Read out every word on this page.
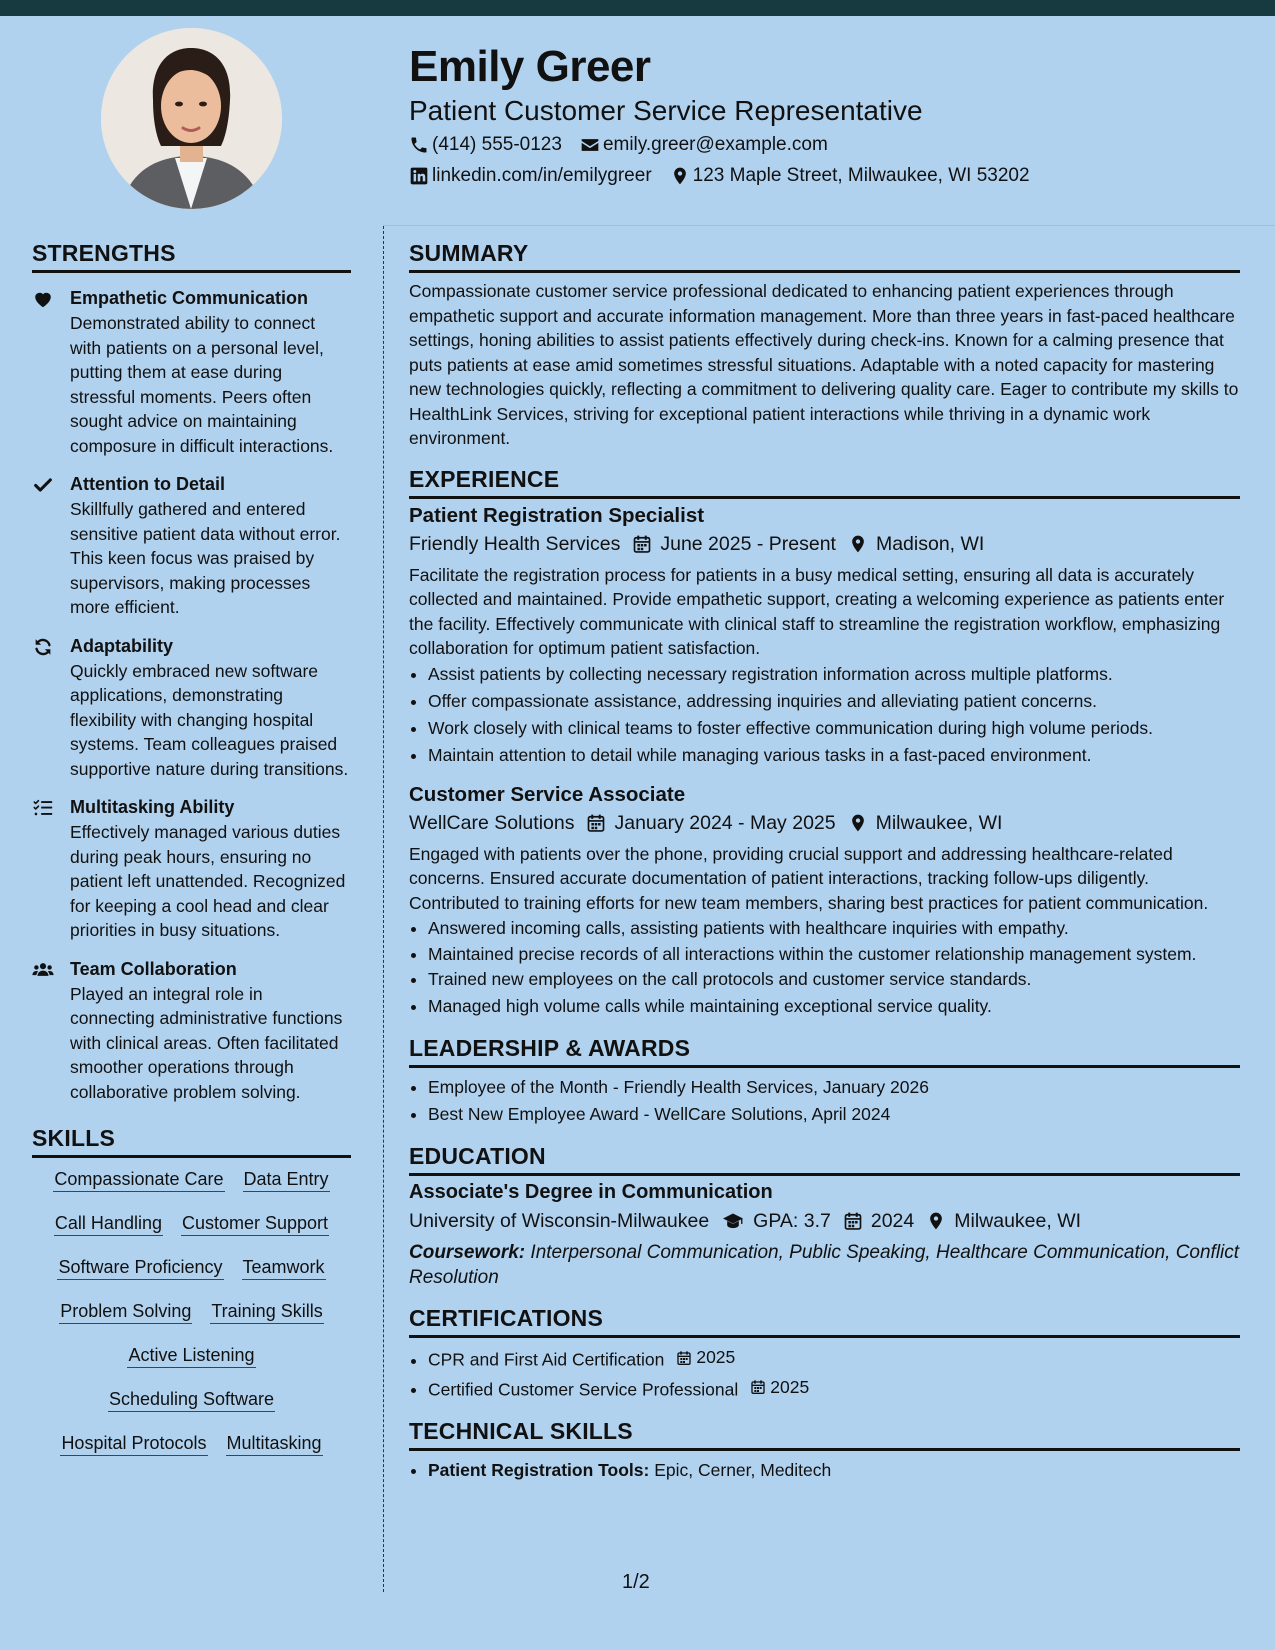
Emily Greer
Patient Customer Service Representative
(414) 555-0123 emily.greer@example.com
linkedin.com/in/emilygreer 123 Maple Street, Milwaukee, WI 53202
STRENGTHS
Empathetic Communication
Demonstrated ability to connect with patients on a personal level, putting them at ease during stressful moments. Peers often sought advice on maintaining composure in difficult interactions.
Attention to Detail
Skillfully gathered and entered sensitive patient data without error. This keen focus was praised by supervisors, making processes more efficient.
Adaptability
Quickly embraced new software applications, demonstrating flexibility with changing hospital systems. Team colleagues praised supportive nature during transitions.
Multitasking Ability
Effectively managed various duties during peak hours, ensuring no patient left unattended. Recognized for keeping a cool head and clear priorities in busy situations.
Team Collaboration
Played an integral role in connecting administrative functions with clinical areas. Often facilitated smoother operations through collaborative problem solving.
SKILLS
Compassionate Care Data Entry
Call Handling Customer Support
Software Proficiency Teamwork
Problem Solving Training Skills
Active Listening
Scheduling Software
Hospital Protocols Multitasking
SUMMARY

Compassionate customer service professional dedicated to enhancing patient experiences through empathetic support and accurate information management. More than three years in fast-paced healthcare settings, honing abilities to assist patients effectively during check-ins. Known for a calming presence that puts patients at ease amid sometimes stressful situations. Adaptable with a noted capacity for mastering new technologies quickly, reflecting a commitment to delivering quality care. Eager to contribute my skills to HealthLink Services, striving for exceptional patient interactions while thriving in a dynamic work environment.

EXPERIENCE
Patient Registration Specialist
Friendly Health Services June 2025 - Present Madison, WI

Facilitate the registration process for patients in a busy medical setting, ensuring all data is accurately collected and maintained. Provide empathetic support, creating a welcoming experience as patients enter the facility. Effectively communicate with clinical staff to streamline the registration workflow, emphasizing collaboration for optimum patient satisfaction.

• Assist patients by collecting necessary registration information across multiple platforms.
• Offer compassionate assistance, addressing inquiries and alleviating patient concerns.
• Work closely with clinical teams to foster effective communication during high volume periods.
• Maintain attention to detail while managing various tasks in a fast-paced environment.
Customer Service Associate
WellCare Solutions January 2024 - May 2025 Milwaukee, WI

Engaged with patients over the phone, providing crucial support and addressing healthcare-related concerns. Ensured accurate documentation of patient interactions, tracking follow-ups diligently. Contributed to training efforts for new team members, sharing best practices for patient communication.

• Answered incoming calls, assisting patients with healthcare inquiries with empathy.
• Maintained precise records of all interactions within the customer relationship management system.
• Trained new employees on the call protocols and customer service standards.
• Managed high volume calls while maintaining exceptional service quality.
LEADERSHIP & AWARDS
• Employee of the Month - Friendly Health Services, January 2026
• Best New Employee Award - WellCare Solutions, April 2024
EDUCATION
Associate's Degree in Communication
University of Wisconsin-Milwaukee GPA: 3.7 2024 Milwaukee, WI
Coursework: Interpersonal Communication, Public Speaking, Healthcare Communication, Conflict Resolution
CERTIFICATIONS
• CPR and First Aid Certification 2025
• Certified Customer Service Professional 2025
TECHNICAL SKILLS
• Patient Registration Tools: Epic, Cerner, Meditech
1/2
